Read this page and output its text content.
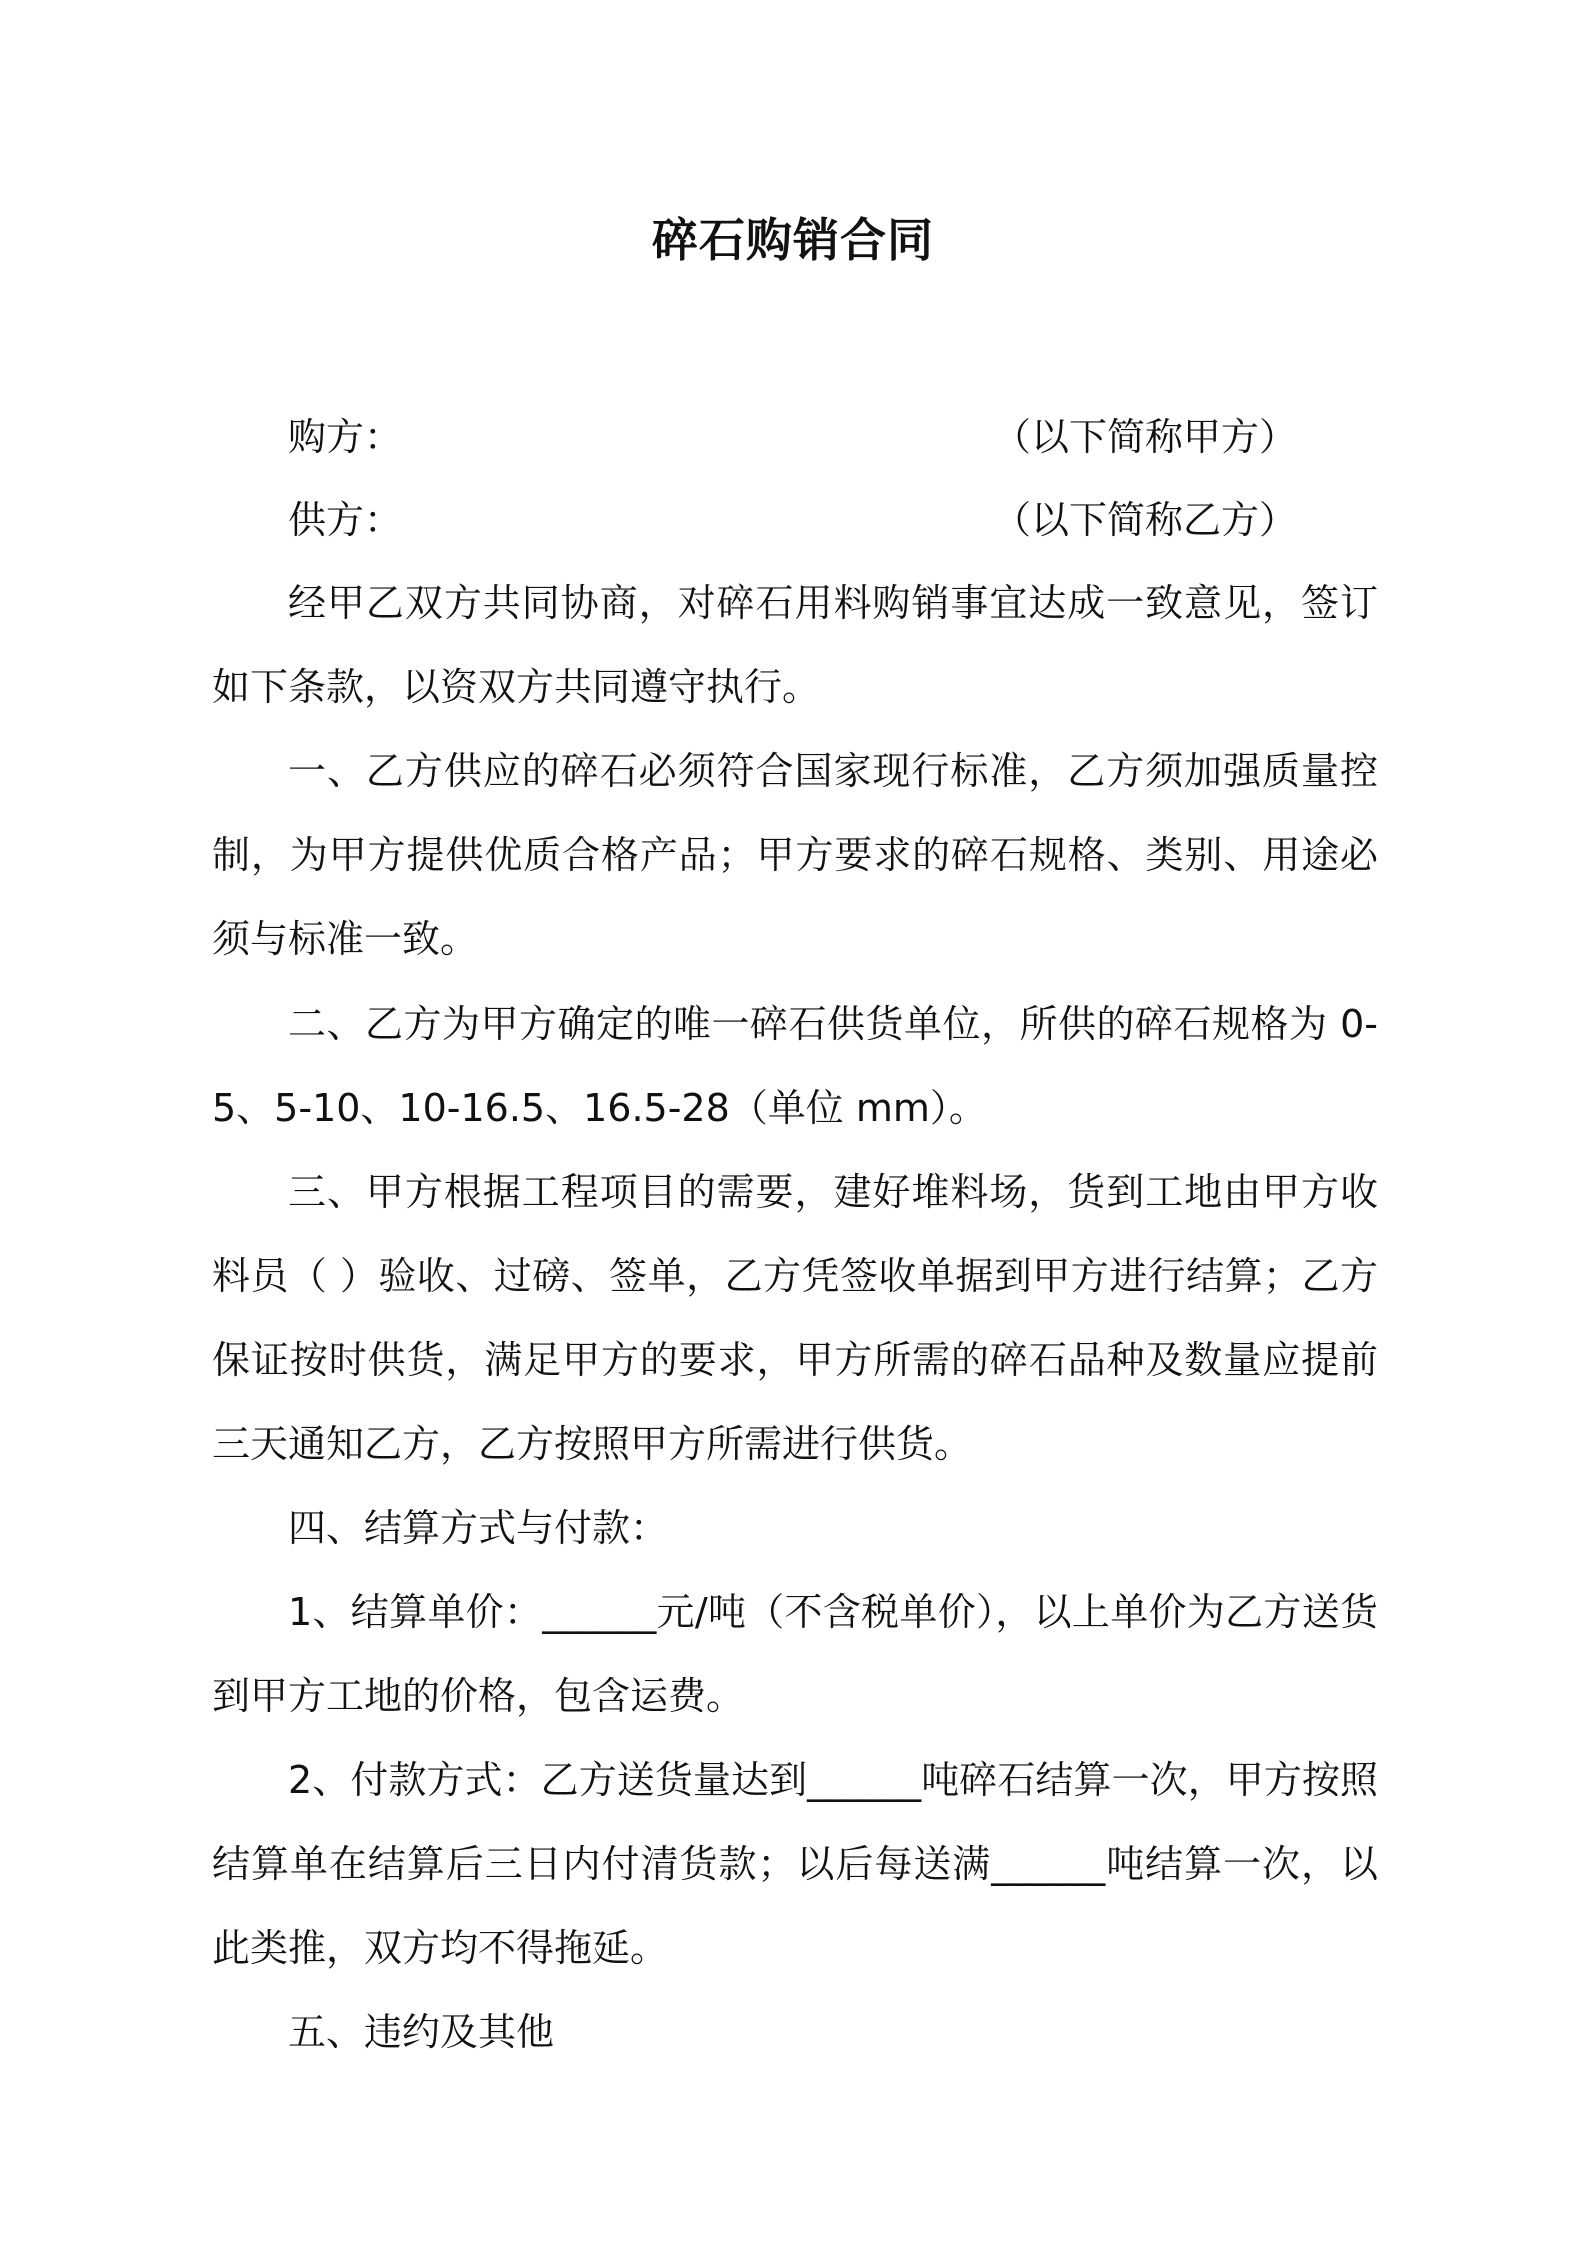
碎石购销合同
购方：	（以下简称甲方）
供方：	（以下简称乙方）

经甲乙双方共同协商，对碎石用料购销事宜达成一致意见，签订如下条款，以资双方共同遵守执行。

一、乙方供应的碎石必须符合国家现行标准，乙方须加强质量控制，为甲方提供优质合格产品；甲方要求的碎石规格、类别、用途必须与标准一致。

二、乙方为甲方确定的唯一碎石供货单位，所供的碎石规格为 0-5、5-10、10-16.5、16.5-28（单位 mm）。

三、甲方根据工程项目的需要，建好堆料场，货到工地由甲方收料员（ ）验收、过磅、签单，乙方凭签收单据到甲方进行结算；乙方保证按时供货，满足甲方的要求，甲方所需的碎石品种及数量应提前三天通知乙方，乙方按照甲方所需进行供货。

四、结算方式与付款：

1、结算单价：______元/吨（不含税单价），以上单价为乙方送货到甲方工地的价格，包含运费。

2、付款方式：乙方送货量达到______吨碎石结算一次，甲方按照结算单在结算后三日内付清货款；以后每送满______吨结算一次，以此类推，双方均不得拖延。

五、违约及其他
